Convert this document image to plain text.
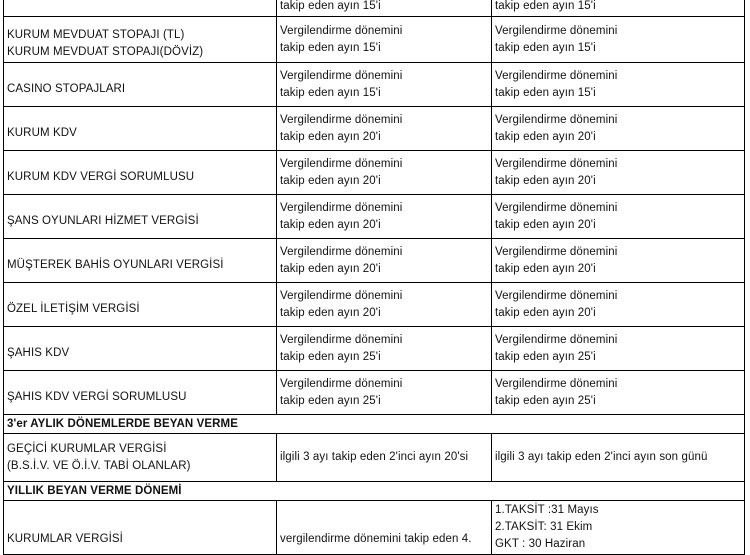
	takip eden ayın 15'i	takip eden ayın 15'i

KURUM MEVDUAT STOPAJI (TL)
KURUM MEVDUAT STOPAJI(DÖVİZ)	Vergilendirme dönemini
takip eden ayın 15'i	Vergilendirme dönemini
takip eden ayın 15'i

CASINO STOPAJLARI	Vergilendirme dönemini
takip eden ayın 15'i	Vergilendirme dönemini
takip eden ayın 15'i

KURUM KDV	Vergilendirme dönemini
takip eden ayın 20'i	Vergilendirme dönemini
takip eden ayın 20'i

KURUM KDV VERGİ SORUMLUSU	Vergilendirme dönemini
takip eden ayın 20'i	Vergilendirme dönemini
takip eden ayın 20'i

ŞANS OYUNLARI HİZMET VERGİSİ	Vergilendirme dönemini
takip eden ayın 20'i	Vergilendirme dönemini
takip eden ayın 20'i

MÜŞTEREK BAHİS OYUNLARI VERGİSİ	Vergilendirme dönemini
takip eden ayın 20'i	Vergilendirme dönemini
takip eden ayın 20'i

ÖZEL İLETİŞİM VERGİSİ	Vergilendirme dönemini
takip eden ayın 20'i	Vergilendirme dönemini
takip eden ayın 20'i

ŞAHIS KDV	Vergilendirme dönemini
takip eden ayın 25'i	Vergilendirme dönemini
takip eden ayın 25'i

ŞAHIS KDV VERGİ SORUMLUSU	Vergilendirme dönemini
takip eden ayın 25'i	Vergilendirme dönemini
takip eden ayın 25'i

3'er AYLIK DÖNEMLERDE BEYAN VERME		

GEÇİCİ KURUMLAR VERGİSİ
(B.S.İ.V. VE Ö.İ.V. TABİ OLANLAR)	ilgili 3 ayı takip eden 2'inci ayın 20'si	ilgili 3 ayı takip eden 2'inci ayın son günü
YILLIK BEYAN VERME DÖNEMİ		

KURUMLAR VERGİSİ	vergilendirme dönemini takip eden 4.	1.TAKSİT :31 Mayıs
2.TAKSİT: 31 Ekim
GKT : 30 Haziran
